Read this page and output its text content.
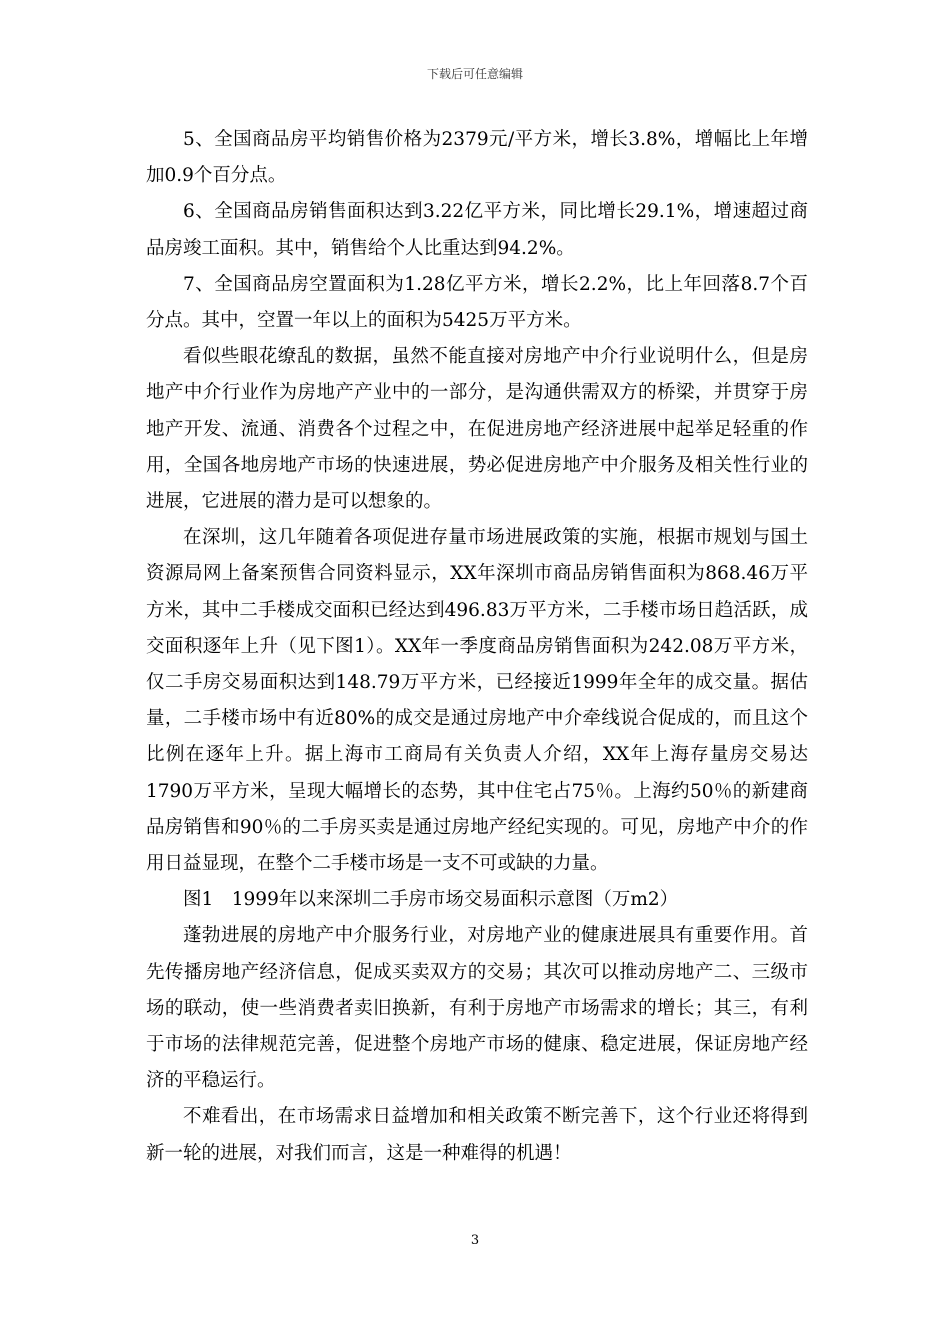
下载后可任意编辑

5、全国商品房平均销售价格为2379元/平方米，增长3.8%，增幅比上年增加0.9个百分点。

6、全国商品房销售面积达到3.22亿平方米，同比增长29.1%，增速超过商品房竣工面积。其中，销售给个人比重达到94.2%。

7、全国商品房空置面积为1.28亿平方米，增长2.2%，比上年回落8.7个百分点。其中，空置一年以上的面积为5425万平方米。

看似些眼花缭乱的数据，虽然不能直接对房地产中介行业说明什么，但是房地产中介行业作为房地产产业中的一部分，是沟通供需双方的桥梁，并贯穿于房地产开发、流通、消费各个过程之中，在促进房地产经济进展中起举足轻重的作用，全国各地房地产市场的快速进展，势必促进房地产中介服务及相关性行业的进展，它进展的潜力是可以想象的。

在深圳，这几年随着各项促进存量市场进展政策的实施，根据市规划与国土资源局网上备案预售合同资料显示，XX年深圳市商品房销售面积为868.46万平方米，其中二手楼成交面积已经达到496.83万平方米，二手楼市场日趋活跃，成交面积逐年上升（见下图1）。XX年一季度商品房销售面积为242.08万平方米，仅二手房交易面积达到148.79万平方米，已经接近1999年全年的成交量。据估量，二手楼市场中有近80%的成交是通过房地产中介牵线说合促成的，而且这个比例在逐年上升。据上海市工商局有关负责人介绍，XX年上海存量房交易达1790万平方米，呈现大幅增长的态势，其中住宅占75％。上海约50％的新建商品房销售和90％的二手房买卖是通过房地产经纪实现的。可见，房地产中介的作用日益显现，在整个二手楼市场是一支不可或缺的力量。

图1　1999年以来深圳二手房市场交易面积示意图（万m2）

蓬勃进展的房地产中介服务行业，对房地产业的健康进展具有重要作用。首先传播房地产经济信息，促成买卖双方的交易；其次可以推动房地产二、三级市场的联动，使一些消费者卖旧换新，有利于房地产市场需求的增长；其三，有利于市场的法律规范完善，促进整个房地产市场的健康、稳定进展，保证房地产经济的平稳运行。

不难看出，在市场需求日益增加和相关政策不断完善下，这个行业还将得到新一轮的进展，对我们而言，这是一种难得的机遇！

3
